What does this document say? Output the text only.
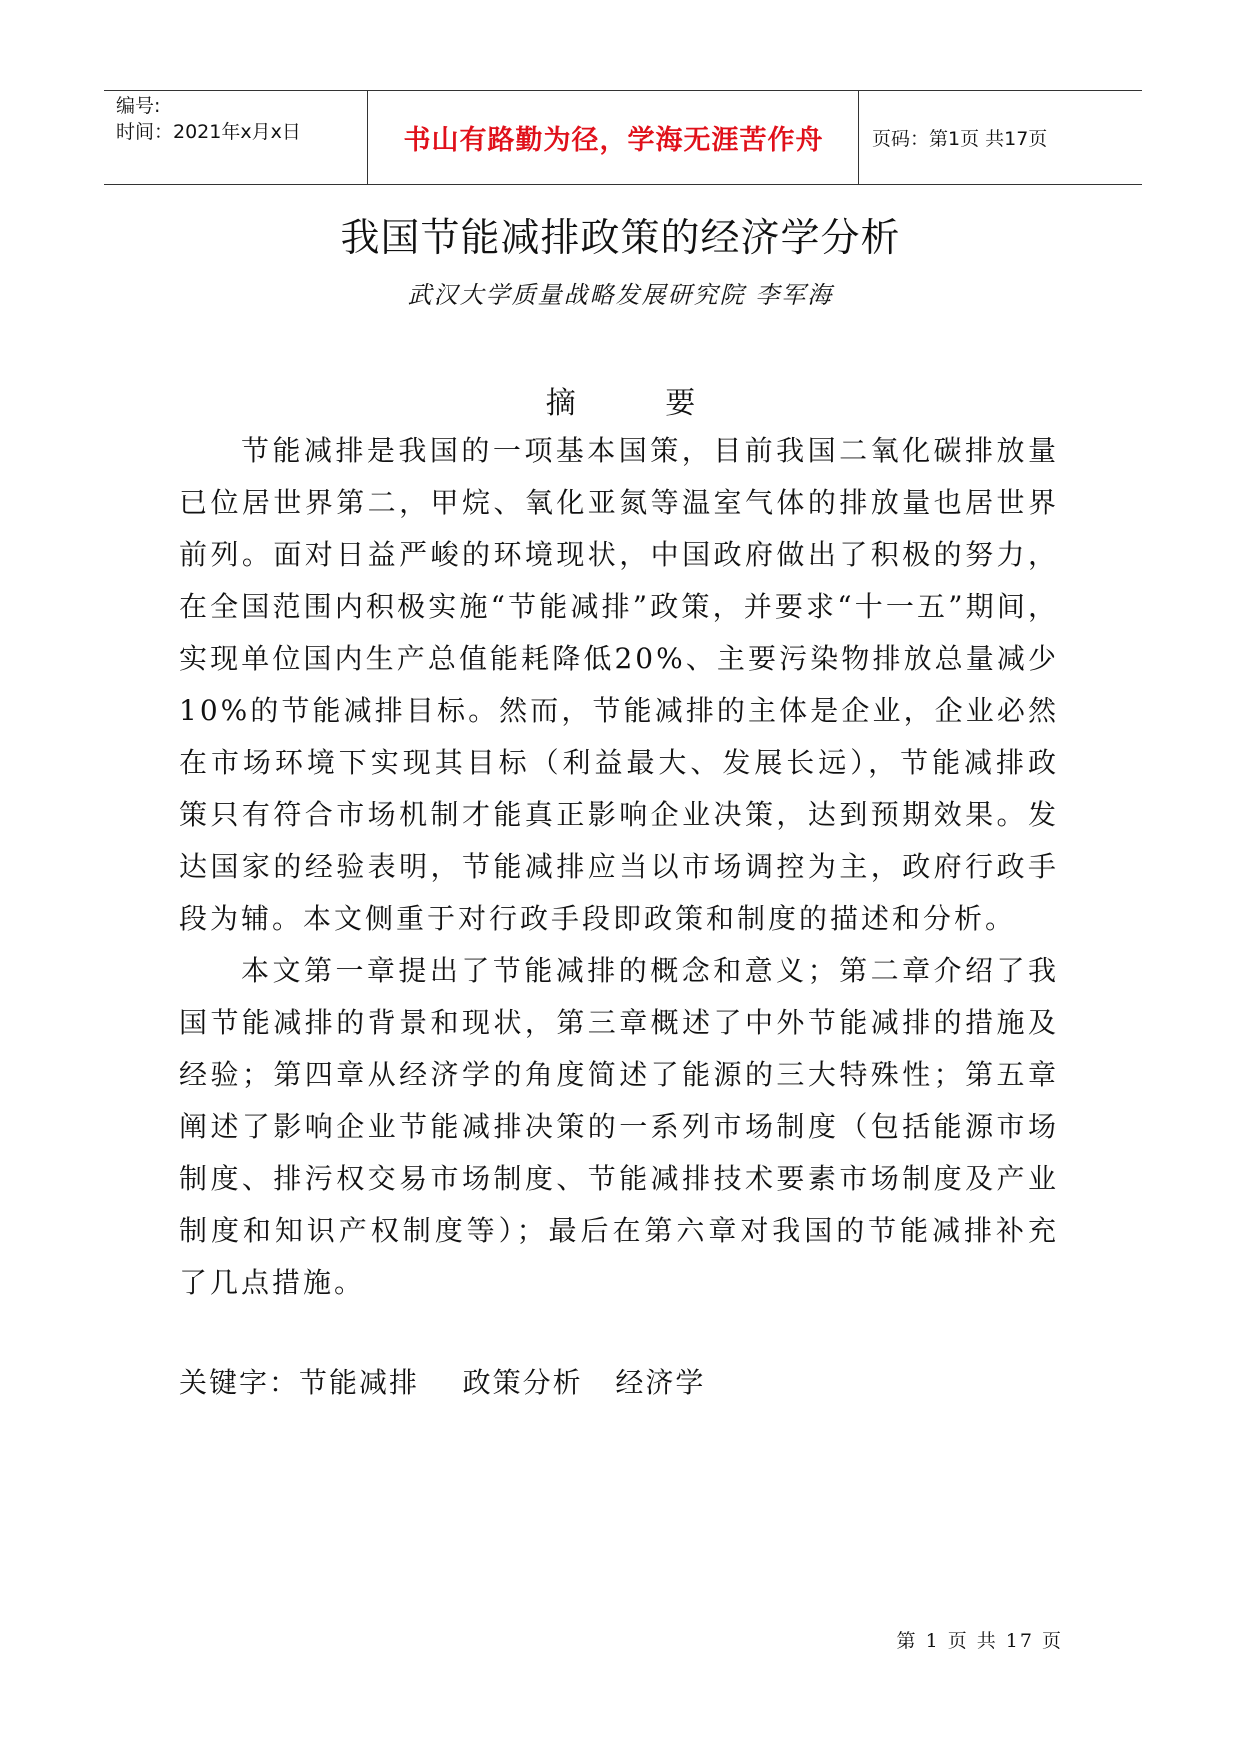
编号:
时间：2021年x月x日	书山有路勤为径，学海无涯苦作舟	页码：第1页 共17页
我国节能减排政策的经济学分析
武汉大学质量战略发展研究院 李军海
摘 要

节能减排是我国的一项基本国策，目前我国二氧化碳排放量已位居世界第二，甲烷、氧化亚氮等温室气体的排放量也居世界前列。面对日益严峻的环境现状，中国政府做出了积极的努力，在全国范围内积极实施“节能减排”政策，并要求“十一五”期间，实现单位国内生产总值能耗降低20%、主要污染物排放总量减少10%的节能减排目标。然而，节能减排的主体是企业，企业必然在市场环境下实现其目标（利益最大、发展长远），节能减排政策只有符合市场机制才能真正影响企业决策，达到预期效果。发达国家的经验表明，节能减排应当以市场调控为主，政府行政手段为辅。本文侧重于对行政手段即政策和制度的描述和分析。

本文第一章提出了节能减排的概念和意义；第二章介绍了我国节能减排的背景和现状，第三章概述了中外节能减排的措施及经验；第四章从经济学的角度简述了能源的三大特殊性；第五章阐述了影响企业节能减排决策的一系列市场制度（包括能源市场制度、排污权交易市场制度、节能减排技术要素市场制度及产业制度和知识产权制度等）；最后在第六章对我国的节能减排补充了几点措施。

关键字：节能减排    政策分析   经济学
第 1 页 共 17 页
